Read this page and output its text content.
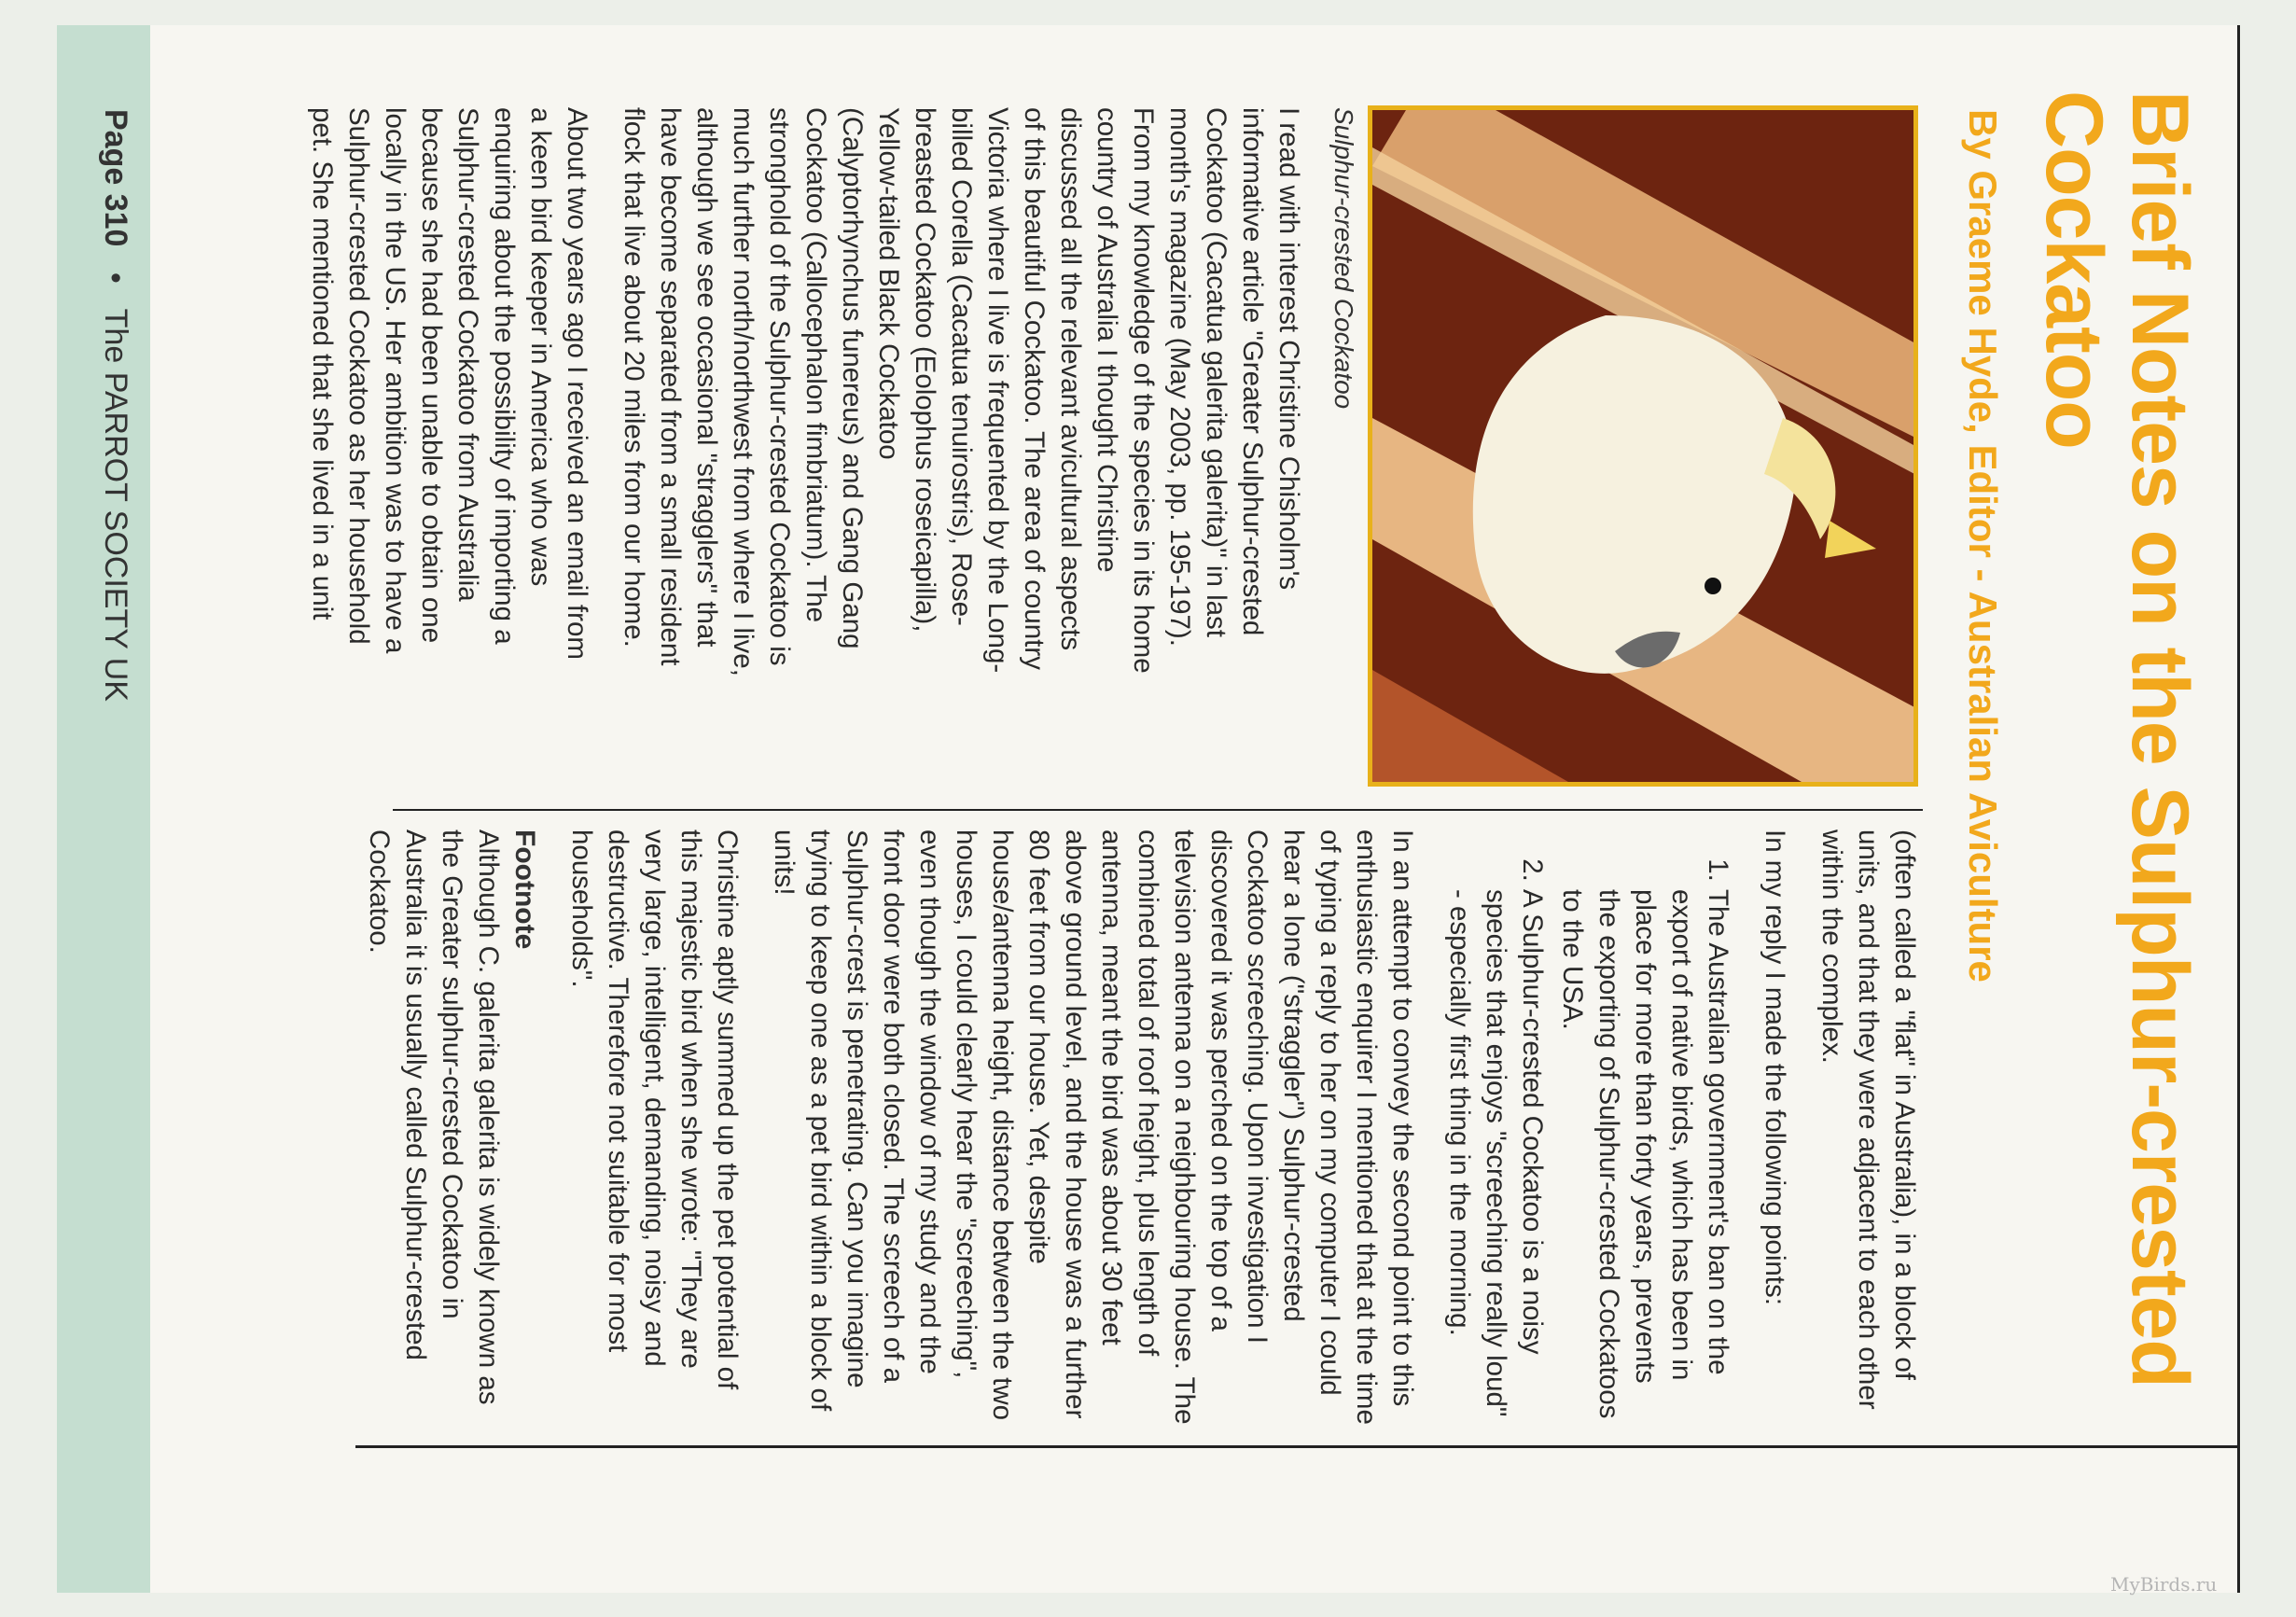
Brief Notes on the Sulphur-crested Cockatoo
By Graeme Hyde, Editor - Australian Aviculture
Sulphur-crested Cockatoo

I read with interest Christine Chisholm's informative article "Greater Sulphur-crested Cockatoo (Cacatua galerita galerita)" in last month's magazine (May 2003, pp. 195-197). From my knowledge of the species in its home country of Australia I thought Christine discussed all the relevant avicultural aspects of this beautiful Cockatoo. The area of country Victoria where I live is frequented by the Long-billed Corella (Cacatua tenuirostris), Rose-breasted Cockatoo (Eolophus roseicapilla), Yellow-tailed Black Cockatoo (Calyptorhynchus funereus) and Gang Gang Cockatoo (Callocephalon fimbriatum). The stronghold of the Sulphur-crested Cockatoo is much further north/northwest from where I live, although we see occasional "stragglers" that have become separated from a small resident flock that live about 20 miles from our home.

About two years ago I received an email from a keen bird keeper in America who was enquiring about the possibility of importing a Sulphur-crested Cockatoo from Australia because she had been unable to obtain one locally in the US. Her ambition was to have a Sulphur-crested Cockatoo as her household pet. She mentioned that she lived in a unit

(often called a "flat" in Australia), in a block of units, and that they were adjacent to each other within the complex.

In my reply I made the following points:

1. The Australian government's ban on the export of native birds, which has been in place for more than forty years, prevents the exporting of Sulphur-crested Cockatoos to the USA.
2. A Sulphur-crested Cockatoo is a noisy species that enjoys "screeching really loud" - especially first thing in the morning.

In an attempt to convey the second point to this enthusiastic enquirer I mentioned that at the time of typing a reply to her on my computer I could hear a lone ("straggler") Sulphur-crested Cockatoo screeching. Upon investigation I discovered it was perched on the top of a television antenna on a neighbouring house. The combined total of roof height, plus length of antenna, meant the bird was about 30 feet above ground level, and the house was a further 80 feet from our house. Yet, despite house/antenna height, distance between the two houses, I could clearly hear the "screeching", even though the window of my study and the front door were both closed. The screech of a Sulphur-crest is penetrating. Can you imagine trying to keep one as a pet bird within a block of units!

Christine aptly summed up the pet potential of this majestic bird when she wrote: "They are very large, intelligent, demanding, noisy and destructive. Therefore not suitable for most households".

Footnote

Although C. galerita galerita is widely known as the Greater sulphur-crested Cockatoo in Australia it is usually called Sulphur-crested Cockatoo.

Page 310 • The PARROT SOCIETY UK
MyBirds.ru
